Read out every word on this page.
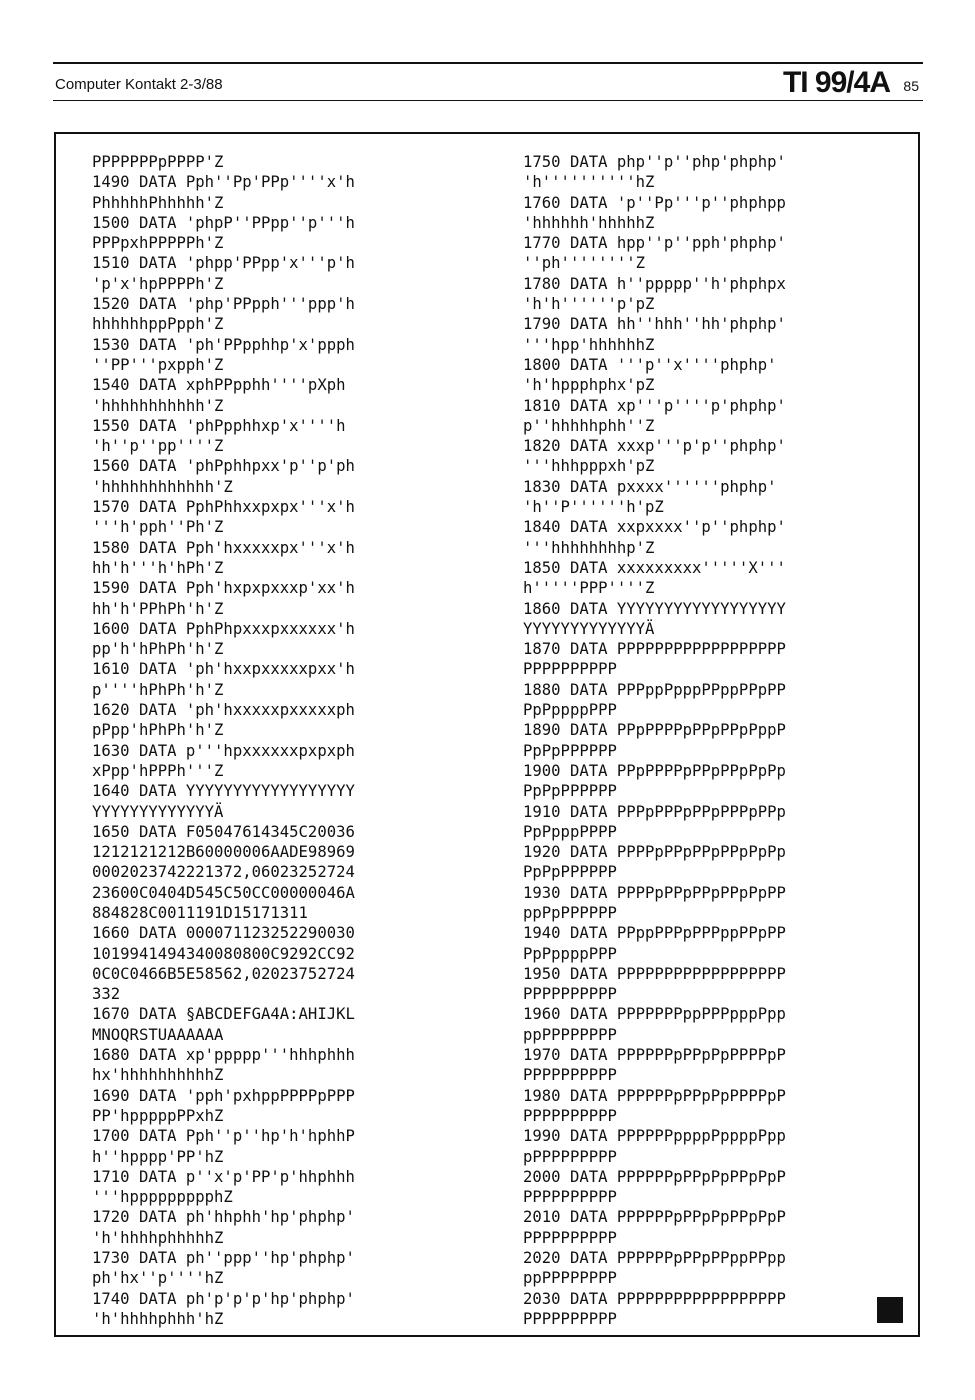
Computer Kontakt 2-3/88	TI 99/4A 85
PPPPPPPpPPPP'Z
1490 DATA Pph''Pp'PPp''''x'h
PhhhhhPhhhhh'Z
1500 DATA 'phpP''PPpp''p'''h
PPPpxhPPPPPh'Z
1510 DATA 'phpp'PPpp'x'''p'h
'p'x'hpPPPPh'Z
1520 DATA 'php'PPpph'''ppp'h
hhhhhhppPpph'Z
1530 DATA 'ph'PPpphhp'x'ppph
''PP'''pxpph'Z
1540 DATA xphPPpphh''''pXph
'hhhhhhhhhhh'Z
1550 DATA 'phPpphhxp'x''''h
'h''p''pp''''Z
1560 DATA 'phPphhpxx'p''p'ph
'hhhhhhhhhhhh'Z
1570 DATA PphPhhxxpxpx'''x'h
'''h'pph''Ph'Z
1580 DATA Pph'hxxxxxpx'''x'h
hh'h'''h'hPh'Z
1590 DATA Pph'hxpxpxxxp'xx'h
hh'h'PPhPh'h'Z
1600 DATA PphPhpxxxpxxxxxx'h
pp'h'hPhPh'h'Z
1610 DATA 'ph'hxxpxxxxxpxx'h
p''''hPhPh'h'Z
1620 DATA 'ph'hxxxxxpxxxxxph
pPpp'hPhPh'h'Z
1630 DATA p'''hpxxxxxxpxpxph
xPpp'hPPPh'''Z
1640 DATA YYYYYYYYYYYYYYYYYY
YYYYYYYYYYYYYÄ
1650 DATA F05047614345C20036
1212121212B60000006AADE98969
0002023742221372,06023252724
23600C0404D545C50CC00000046A
884828C0011191D15171311
1660 DATA 000071123252290030
1019941494340080800C9292CC92
0C0C0466B5E58562,02023752724
332
1670 DATA §ABCDEFGA4A:AHIJKL
MNOQRSTUAAAAAA
1680 DATA xp'ppppp'''hhhphhh
hx'hhhhhhhhhhZ
1690 DATA 'pph'pxhppPPPPpPPP
PP'hpppppPPxhZ
1700 DATA Pph''p''hp'h'hphhP
h''hpppp'PP'hZ
1710 DATA p''x'p'PP'p'hhphhh
'''hppppppppphZ
1720 DATA ph'hhphh'hp'phphp'
'h'hhhhphhhhhZ
1730 DATA ph''ppp''hp'phphp'
ph'hx''p''''hZ
1740 DATA ph'p'p'p'hp'phphp'
'h'hhhhphhh'hZ
1750 DATA php''p''php'phphp'
'h''''''''''hZ
1760 DATA 'p''Pp'''p''phphpp
'hhhhhh'hhhhhZ
1770 DATA hpp''p''pph'phphp'
''ph''''''''Z
1780 DATA h''ppppp''h'phphpx
'h'h''''''p'pZ
1790 DATA hh''hhh''hh'phphp'
'''hpp'hhhhhhZ
1800 DATA '''p''x''''phphp'
'h'hppphphx'pZ
1810 DATA xp'''p''''p'phphp'
p''hhhhhphh''Z
1820 DATA xxxp'''p'p''phphp'
'''hhhpppxh'pZ
1830 DATA pxxxx''''''phphp'
'h''P''''''h'pZ
1840 DATA xxpxxxx''p''phphp'
'''hhhhhhhhp'Z
1850 DATA xxxxxxxxx'''''X'''
h'''''PPP''''Z
1860 DATA YYYYYYYYYYYYYYYYYY
YYYYYYYYYYYYYÄ
1870 DATA PPPPPPPPPPPPPPPPPP
PPPPPPPPPP
1880 DATA PPPppPpppPPppPPpPP
PpPppppPPP
1890 DATA PPpPPPPpPPpPPpPppP
PpPpPPPPPP
1900 DATA PPpPPPPpPPpPPpPpPp
PpPpPPPPPP
1910 DATA PPPpPPPpPPpPPPpPPp
PpPpppPPPP
1920 DATA PPPPpPPpPPpPPpPpPp
PpPpPPPPPP
1930 DATA PPPPpPPpPPpPPpPpPP
ppPpPPPPPP
1940 DATA PPppPPPpPPPppPPpPP
PpPppppPPP
1950 DATA PPPPPPPPPPPPPPPPPP
PPPPPPPPPP
1960 DATA PPPPPPPppPPPpppPpp
ppPPPPPPPP
1970 DATA PPPPPPpPPpPpPPPPpP
PPPPPPPPPP
1980 DATA PPPPPPpPPpPpPPPPpP
PPPPPPPPPP
1990 DATA PPPPPPppppPppppPpp
pPPPPPPPPP
2000 DATA PPPPPPpPPpPpPPpPpP
PPPPPPPPPP
2010 DATA PPPPPPpPPpPpPPpPpP
PPPPPPPPPP
2020 DATA PPPPPPpPPpPPppPPpp
ppPPPPPPPP
2030 DATA PPPPPPPPPPPPPPPPPP
PPPPPPPPPP
